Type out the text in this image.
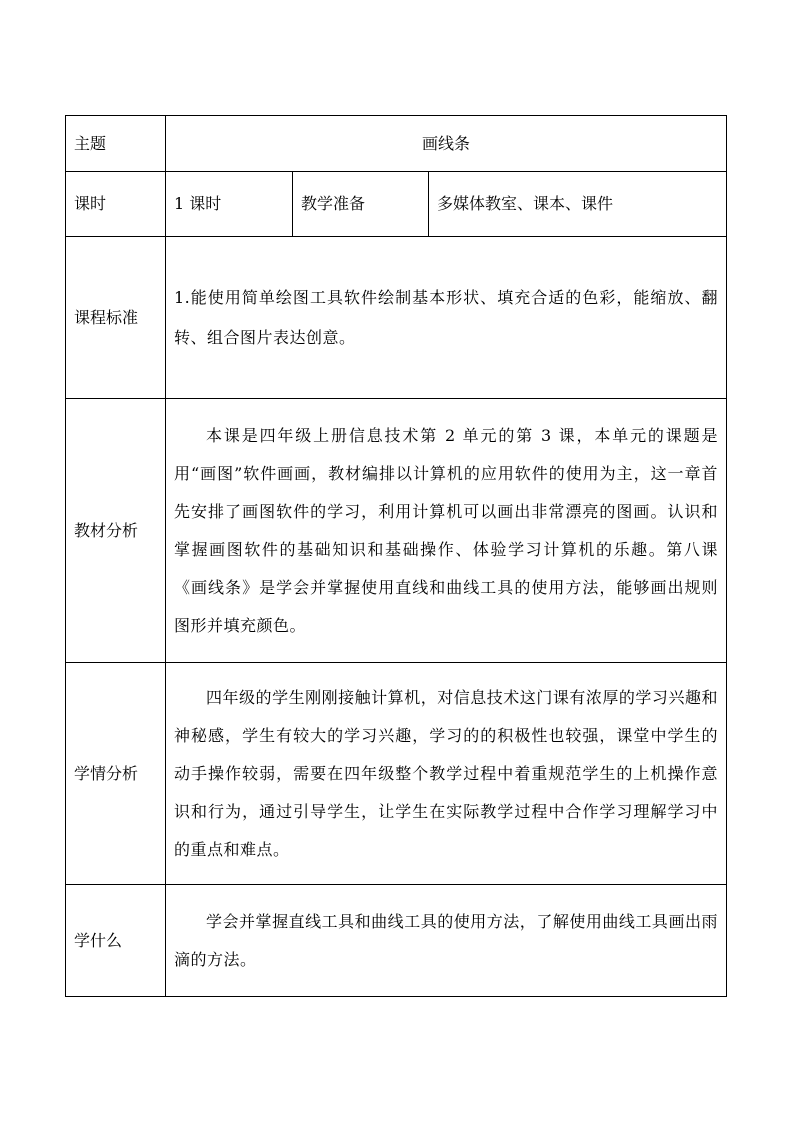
主题	画线条		
课时	1 课时	教学准备	多媒体教室、课本、课件
课程标准	1.能使用简单绘图工具软件绘制基本形状、填充合适的色彩，能缩放、翻转、组合图片表达创意。		

教材分析	本课是四年级上册信息技术第 2 单元的第 3 课，本单元的课题是用“画图”软件画画，教材编排以计算机的应用软件的使用为主，这一章首先安排了画图软件的学习，利用计算机可以画出非常漂亮的图画。认识和掌握画图软件的基础知识和基础操作、体验学习计算机的乐趣。第八课《画线条》是学会并掌握使用直线和曲线工具的使用方法，能够画出规则图形并填充颜色。		

学情分析	四年级的学生刚刚接触计算机，对信息技术这门课有浓厚的学习兴趣和神秘感，学生有较大的学习兴趣，学习的的积极性也较强，课堂中学生的动手操作较弱，需要在四年级整个教学过程中着重规范学生的上机操作意识和行为，通过引导学生，让学生在实际教学过程中合作学习理解学习中的重点和难点。		

学什么	学会并掌握直线工具和曲线工具的使用方法，了解使用曲线工具画出雨滴的方法。		
